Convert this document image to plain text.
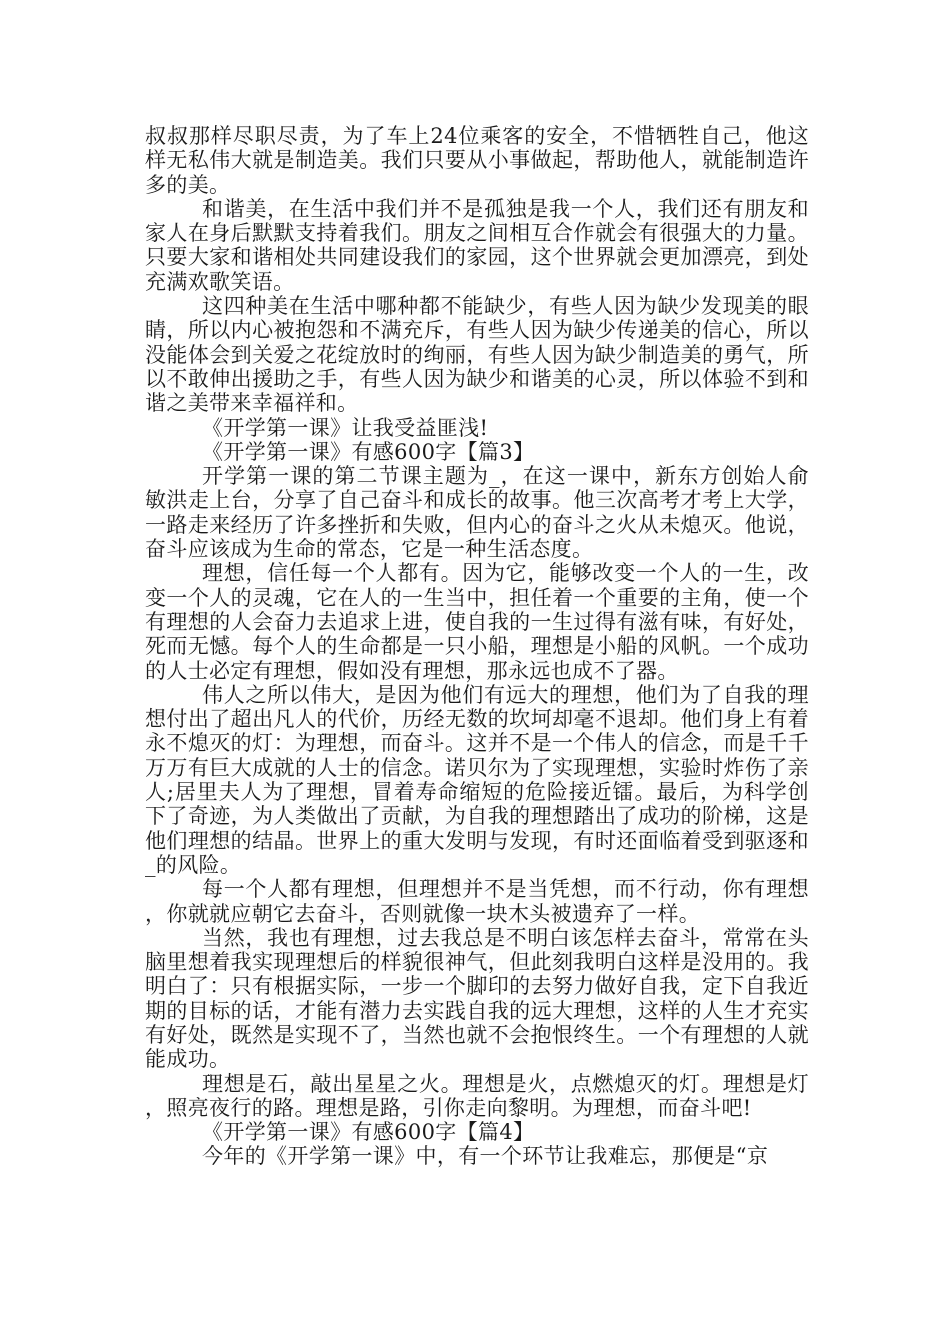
叔叔那样尽职尽责，为了车上24位乘客的安全，不惜牺牲自己，他这样无私伟大就是制造美。我们只要从小事做起，帮助他人，就能制造许多的美。

和谐美，在生活中我们并不是孤独是我一个人，我们还有朋友和家人在身后默默支持着我们。朋友之间相互合作就会有很强大的力量。只要大家和谐相处共同建设我们的家园，这个世界就会更加漂亮，到处充满欢歌笑语。

这四种美在生活中哪种都不能缺少，有些人因为缺少发现美的眼睛，所以内心被抱怨和不满充斥，有些人因为缺少传递美的信心，所以没能体会到关爱之花绽放时的绚丽，有些人因为缺少制造美的勇气，所以不敢伸出援助之手，有些人因为缺少和谐美的心灵，所以体验不到和谐之美带来幸福祥和。

《开学第一课》让我受益匪浅!

《开学第一课》有感600字【篇3】

开学第一课的第二节课主题为_，在这一课中，新东方创始人俞敏洪走上台，分享了自己奋斗和成长的故事。他三次高考才考上大学，一路走来经历了许多挫折和失败，但内心的奋斗之火从未熄灭。他说，奋斗应该成为生命的常态，它是一种生活态度。

理想，信任每一个人都有。因为它，能够改变一个人的一生，改变一个人的灵魂，它在人的一生当中，担任着一个重要的主角，使一个有理想的人会奋力去追求上进，使自我的一生过得有滋有味，有好处，死而无憾。每个人的生命都是一只小船，理想是小船的风帆。一个成功的人士必定有理想，假如没有理想，那永远也成不了器。

伟人之所以伟大，是因为他们有远大的理想，他们为了自我的理想付出了超出凡人的代价，历经无数的坎坷却毫不退却。他们身上有着永不熄灭的灯：为理想，而奋斗。这并不是一个伟人的信念，而是千千万万有巨大成就的人士的信念。诺贝尔为了实现理想，实验时炸伤了亲人;居里夫人为了理想，冒着寿命缩短的危险接近镭。最后，为科学创下了奇迹，为人类做出了贡献，为自我的理想踏出了成功的阶梯，这是他们理想的结晶。世界上的重大发明与发现，有时还面临着受到驱逐和_的风险。

每一个人都有理想，但理想并不是当凭想，而不行动，你有理想，你就就应朝它去奋斗，否则就像一块木头被遗弃了一样。

当然，我也有理想，过去我总是不明白该怎样去奋斗，常常在头脑里想着我实现理想后的样貌很神气，但此刻我明白这样是没用的。我明白了：只有根据实际，一步一个脚印的去努力做好自我，定下自我近期的目标的话，才能有潜力去实践自我的远大理想，这样的人生才充实有好处，既然是实现不了，当然也就不会抱恨终生。一个有理想的人就能成功。

理想是石，敲出星星之火。理想是火，点燃熄灭的灯。理想是灯，照亮夜行的路。理想是路，引你走向黎明。为理想，而奋斗吧!

《开学第一课》有感600字【篇4】

今年的《开学第一课》中，有一个环节让我难忘，那便是“京
